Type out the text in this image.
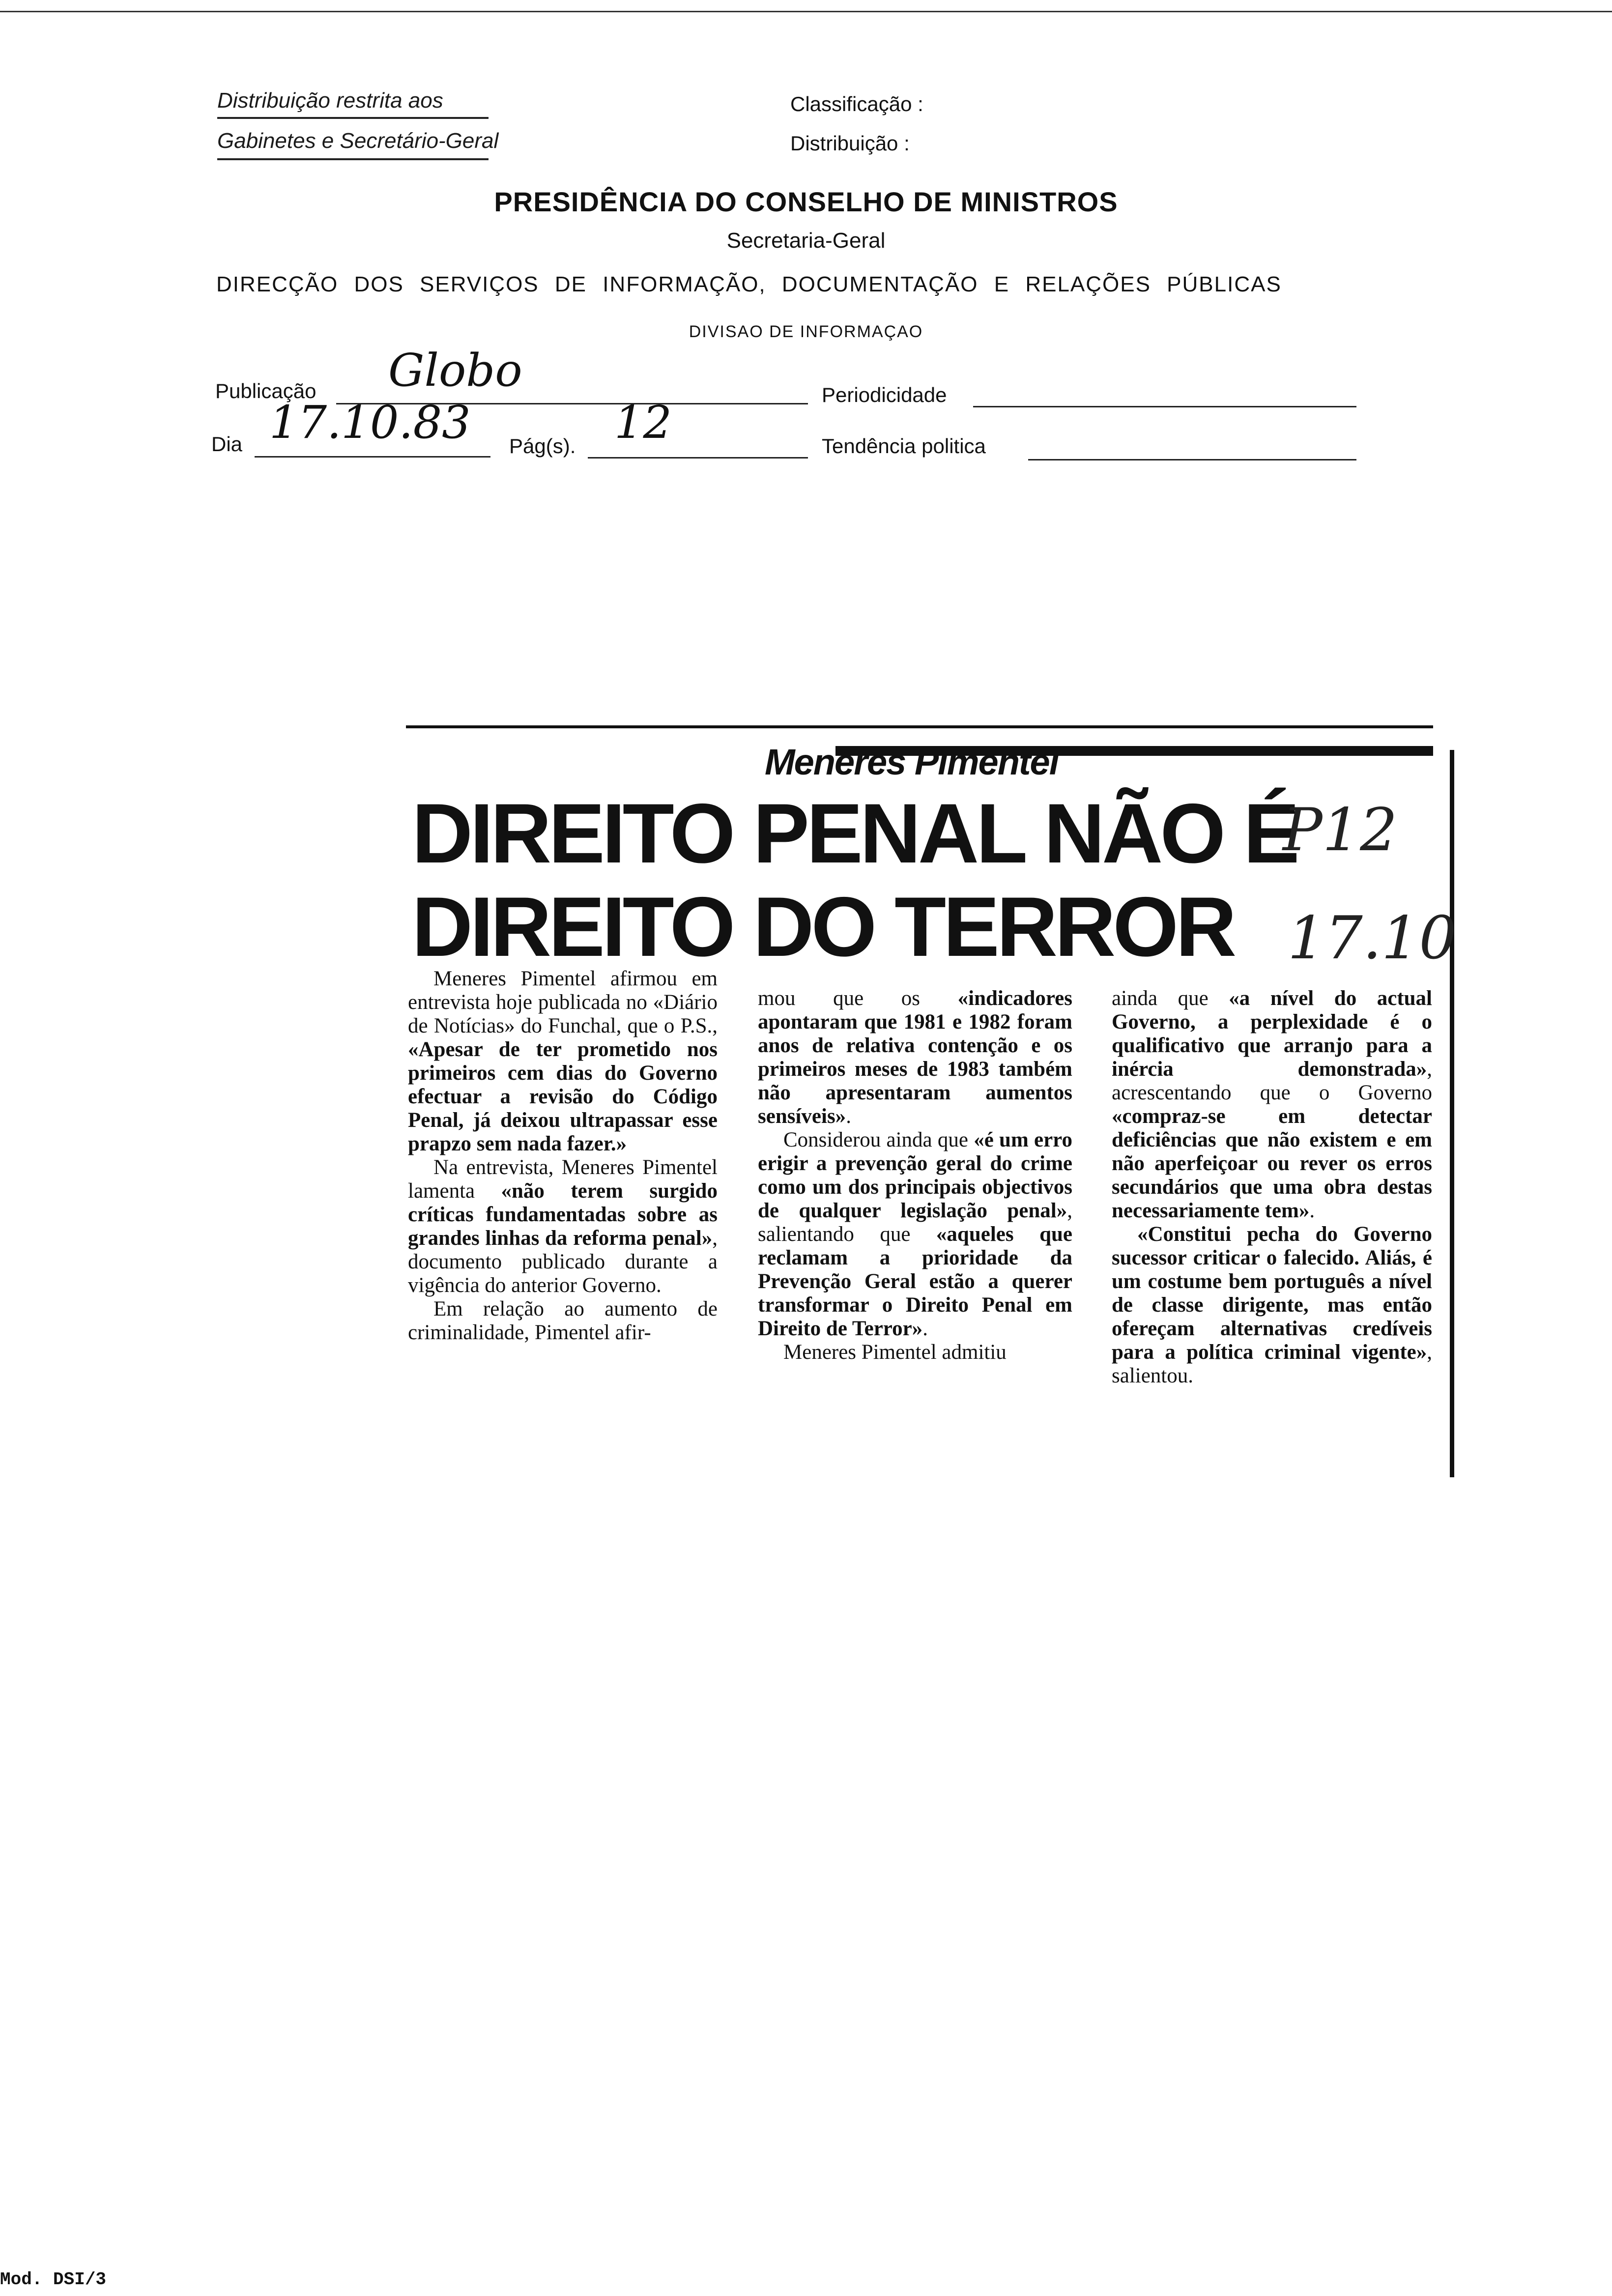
Distribuição restrita aos
Gabinetes e Secretário-Geral
Classificação :
Distribuição :
PRESIDÊNCIA DO CONSELHO DE MINISTROS
Secretaria-Geral
DIRECÇÃO DOS SERVIÇOS DE INFORMAÇÃO, DOCUMENTAÇÃO E RELAÇÕES PÚBLICAS
DIVISAO DE INFORMAÇAO
Publicação Globo	Periodicidade
Dia 17.10.83 Pág(s). 12	Tendência politica
Menéres Pimentel
DIREITO PENAL NÃO É
DIREITO DO TERROR
P12
17.10

Meneres Pimentel afirmou em entrevista hoje publicada no «Diário de Notícias» do Funchal, que o P.S., «Apesar de ter prometido nos primeiros cem dias do Governo efectuar a revisão do Código Penal, já deixou ultrapassar esse prapzo sem nada fazer.»

Na entrevista, Meneres Pimentel lamenta «não terem surgido críticas fundamentadas sobre as grandes linhas da reforma penal», documento publicado durante a vigência do anterior Governo.

Em relação ao aumento de criminalidade, Pimentel afir-

mou que os «indicadores apontaram que 1981 e 1982 foram anos de relativa contenção e os primeiros meses de 1983 também não apresentaram aumentos sensíveis».

Considerou ainda que «é um erro erigir a prevenção geral do crime como um dos principais objectivos de qualquer legislação penal», salientando que «aqueles que reclamam a prioridade da Prevenção Geral estão a querer transformar o Direito Penal em Direito de Terror».

Meneres Pimentel admitiu

ainda que «a nível do actual Governo, a perplexidade é o qualificativo que arranjo para a inércia demonstrada», acrescentando que o Governo «compraz-se em detectar deficiências que não existem e em não aperfeiçoar ou rever os erros secundários que uma obra destas necessariamente tem».

«Constitui pecha do Governo sucessor criticar o falecido. Aliás, é um costume bem português a nível de classe dirigente, mas então ofereçam alternativas credíveis para a política criminal vigente», salientou.

Mod. DSI/3
